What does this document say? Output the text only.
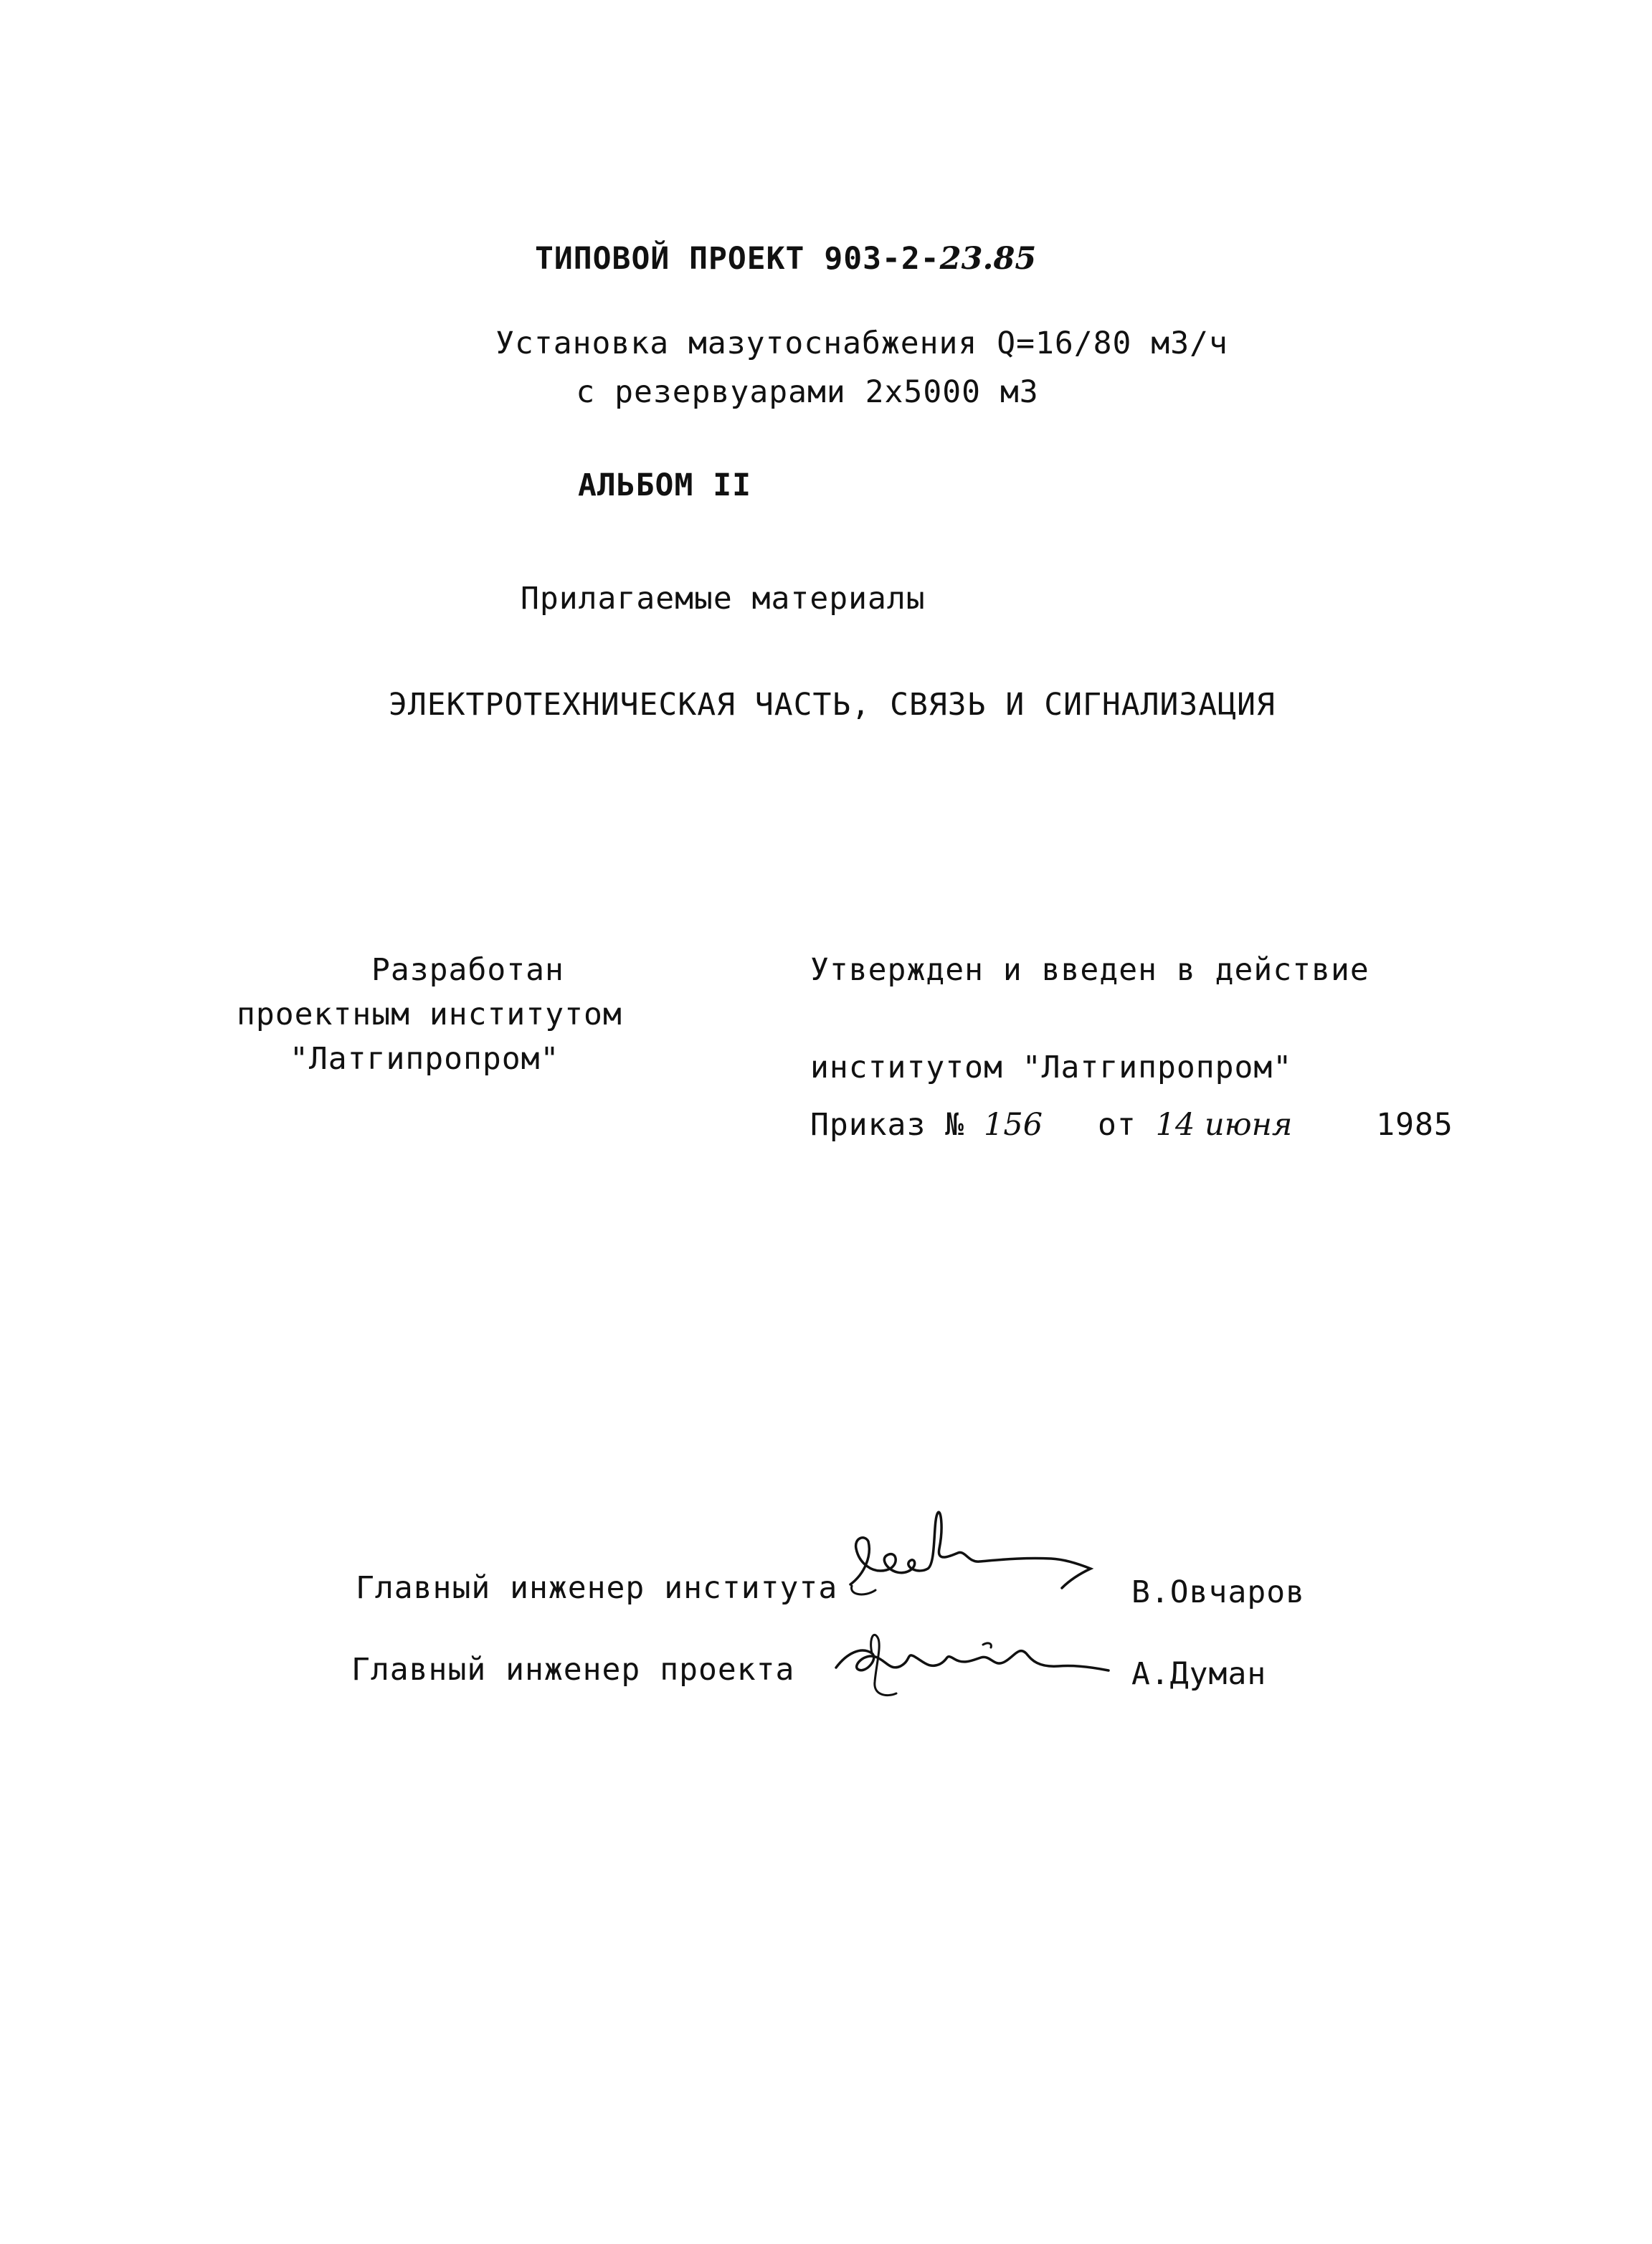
ТИПОВОЙ ПРОЕКТ 903-2-23.85
Установка мазутоснабжения Q=16/80 м3/ч
с резервуарами 2х5000 м3
АЛЬБОМ II
Прилагаемые материалы
ЭЛЕКТРОТЕХНИЧЕСКАЯ ЧАСТЬ, СВЯЗЬ И СИГНАЛИЗАЦИЯ
Разработан
проектным институтом
"Латгипропром"
Утвержден и введен в действие
институтом "Латгипропром"
Приказ № 156 от 14 июня	1985
Главный инженер института	В.Овчаров
Главный инженер проекта	А.Думан
